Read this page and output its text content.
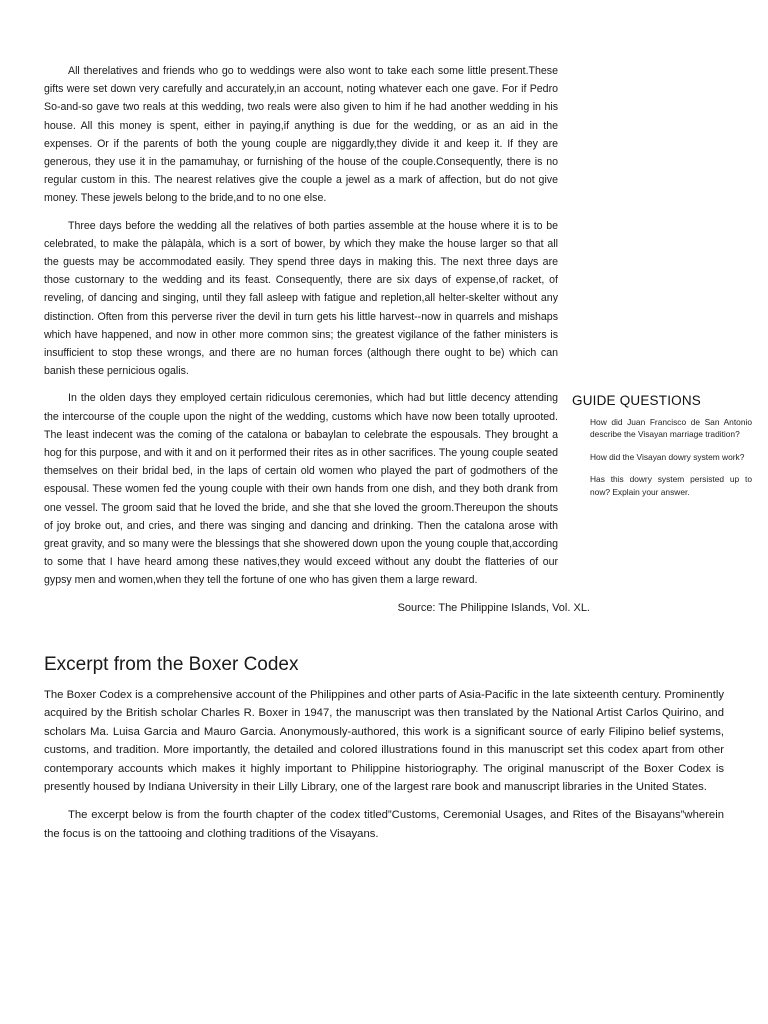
All therelatives and friends who go to weddings were also wont to take each some little present.These gifts were set down very carefully and accurately,in an account, noting whatever each one gave. For if Pedro So-and-so gave two reals at this wedding, two reals were also given to him if he had another wedding in his house. All this money is spent, either in paying,if anything is due for the wedding, or as an aid in the expenses. Or if the parents of both the young couple are niggardly,they divide it and keep it. If they are generous, they use it in the pamamuhay, or furnishing of the house of the couple.Consequently, there is no regular custom in this. The nearest relatives give the couple a jewel as a mark of affection, but do not give money. These jewels belong to the bride,and to no one else.

Three days before the wedding all the relatives of both parties assemble at the house where it is to be celebrated, to make the pàlapàla, which is a sort of bower, by which they make the house larger so that all the guests may be accommodated easily. They spend three days in making this. The next three days are those custornary to the wedding and its feast. Consequently, there are six days of expense,of racket, of reveling, of dancing and singing, until they fall asleep with fatigue and repletion,all helter-skelter without any distinction. Often from this perverse river the devil in turn gets his little harvest--now in quarrels and mishaps which have happened, and now in other more common sins; the greatest vigilance of the father ministers is insufficient to stop these wrongs, and there are no human forces (although there ought to be) which can banish these pernicious ogalis.

In the olden days they employed certain ridiculous ceremonies, which had but little decency attending the intercourse of the couple upon the night of the wedding, customs which have now been totally uprooted. The least indecent was the coming of the catalona or babaylan to celebrate the espousals. They brought a hog for this purpose, and with it and on it performed their rites as in other sacrifices. The young couple seated themselves on their bridal bed, in the laps of certain old women who played the part of godmothers of the espousal. These women fed the young couple with their own hands from one dish, and they both drank from one vessel. The groom said that he loved the bride, and she that she loved the groom.Thereupon the shouts of joy broke out, and cries, and there was singing and dancing and drinking. Then the catalona arose with great gravity, and so many were the blessings that she showered down upon the young couple that,according to some that I have heard among these natives,they would exceed without any doubt the flatteries of our gypsy men and women,when they tell the fortune of one who has given them a large reward.

Source: The Philippine Islands, Vol. XL.

GUIDE QUESTIONS
How did Juan Francisco de San Antonio describe the Visayan marriage tradition?
How did the Visayan dowry system work?
Has this dowry system persisted up to now? Explain your answer.
Excerpt from the Boxer Codex

The Boxer Codex is a comprehensive account of the Philippines and other parts of Asia-Pacific in the late sixteenth century. Prominently acquired by the British scholar Charles R. Boxer in 1947, the manuscript was then translated by the National Artist Carlos Quirino, and scholars Ma. Luisa Garcia and Mauro Garcia. Anonymously-authored, this work is a significant source of early Filipino belief systems, customs, and tradition. More importantly, the detailed and colored illustrations found in this manuscript set this codex apart from other contemporary accounts which makes it highly important to Philippine historiography. The original manuscript of the Boxer Codex is presently housed by Indiana University in their Lilly Library, one of the largest rare book and manuscript libraries in the United States.

The excerpt below is from the fourth chapter of the codex titled”Customs, Ceremonial Usages, and Rites of the Bisayans”wherein the focus is on the tattooing and clothing traditions of the Visayans.
